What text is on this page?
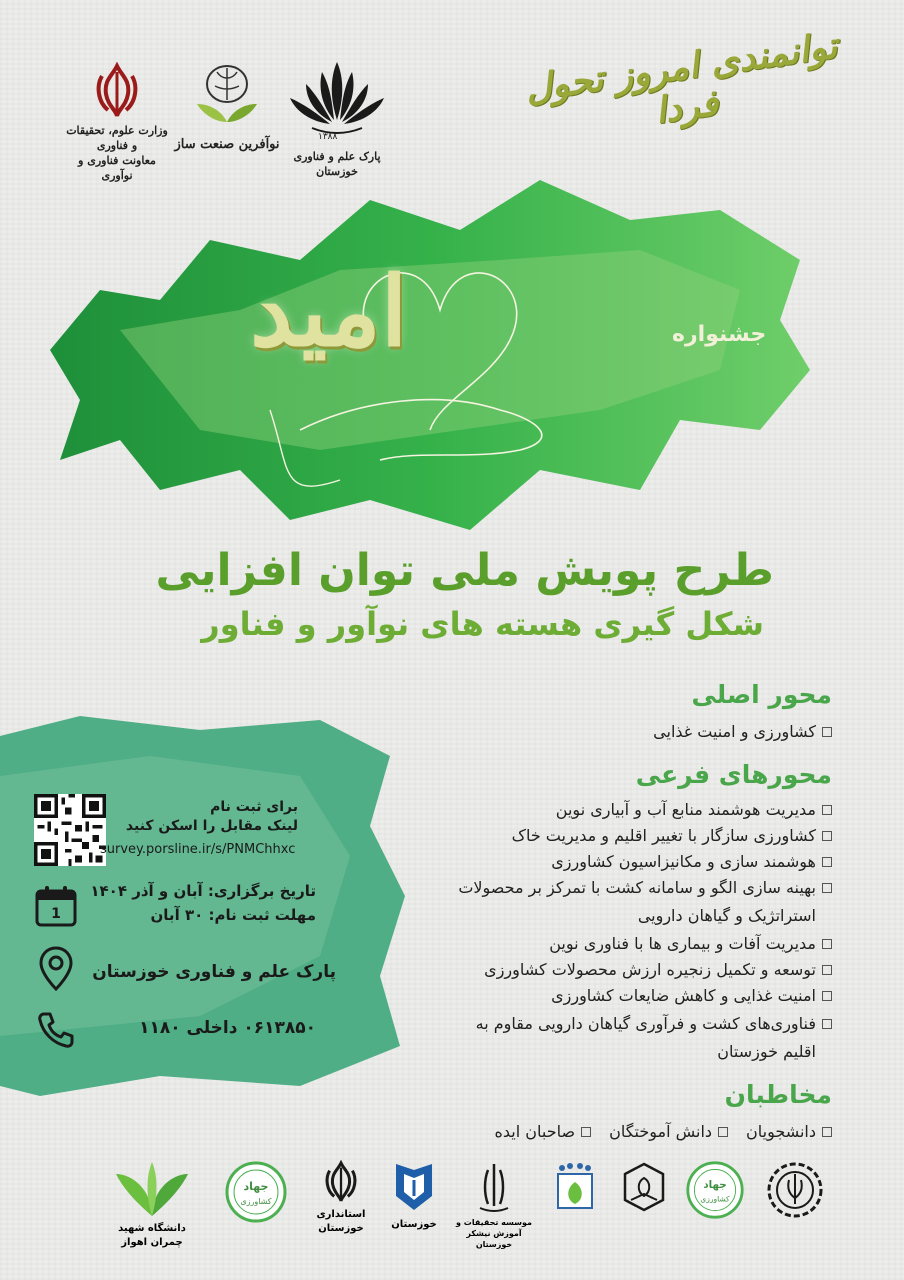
توانمندی امروز تحول فردا
وزارت علوم، تحقیقات و فناوری
معاونت فناوری و نوآوری
نوآفرین صنعت ساز	۱۳۸۸
پارک علم و فناوری خوزستان
امید	جشنواره
طرح پویش ملی توان افزایی
شکل گیری هسته های نوآور و فناور
برای ثبت نام
لینک مقابل را اسکن کنید
survey.porsline.ir/s/PNMChhxc
1
تاریخ برگزاری: آبان و آذر ۱۴۰۴
مهلت ثبت نام: ۳۰ آبان
پارک علم و فناوری خوزستان
۰۶۱۳۸۵۰ داخلی ۱۱۸۰
محور اصلی
کشاورزی و امنیت غذایی
محورهای فرعی
مدیریت هوشمند منابع آب و آبیاری نوین
کشاورزی سازگار با تغییر اقلیم و مدیریت خاک
هوشمند سازی و مکانیزاسیون کشاورزی
بهینه سازی الگو و سامانه کشت با تمرکز بر محصولات
استراتژیک و گیاهان دارویی
مدیریت آفات و بیماری ها با فناوری نوین
توسعه و تکمیل زنجیره ارزش محصولات کشاورزی
امنیت غذایی و کاهش ضایعات کشاورزی
فناوری‌های کشت و فرآوری گیاهان دارویی مقاوم به
اقلیم خوزستان
مخاطبان
دانشجویان
دانش آموختگان
صاحبان ایده
دانشگاه شهید چمران اهواز
جهاد
کشاورزی
استانداری خوزستان	خوزستان	موسسه تحقیقات و آموزش نیشکر خوزستان
جهاد
کشاورزی
